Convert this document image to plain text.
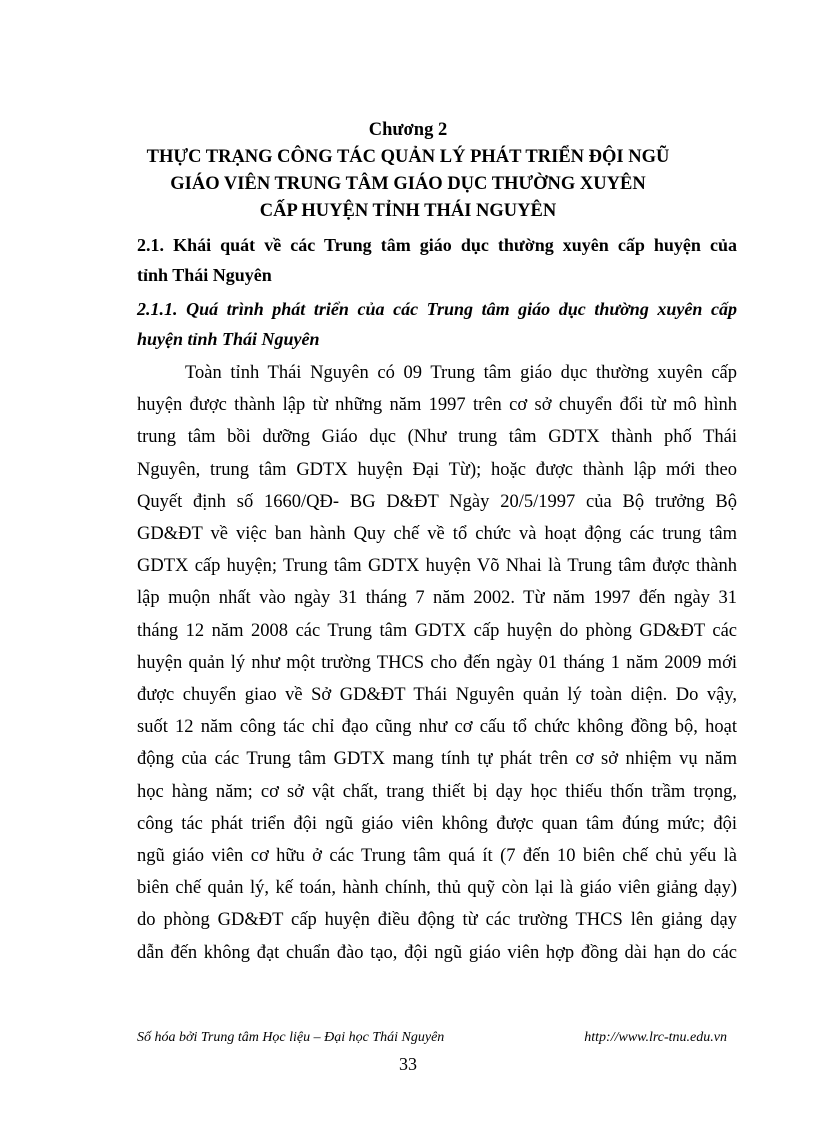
Chương 2
THỰC TRẠNG CÔNG TÁC QUẢN LÝ PHÁT TRIỂN ĐỘI NGŨ
GIÁO VIÊN TRUNG TÂM GIÁO DỤC THƯỜNG XUYÊN
CẤP HUYỆN TỈNH THÁI NGUYÊN
2.1. Khái quát về các Trung tâm giáo dục thường xuyên cấp huyện của
tỉnh Thái Nguyên
2.1.1. Quá trình phát triển của các Trung tâm giáo dục thường xuyên cấp
huyện tỉnh Thái Nguyên
Toàn tỉnh Thái Nguyên có 09 Trung tâm giáo dục thường xuyên cấp
huyện được thành lập từ những năm 1997 trên cơ sở chuyển đổi từ mô hình
trung tâm bồi dưỡng Giáo dục (Như trung tâm GDTX thành phố Thái
Nguyên, trung tâm GDTX huyện Đại Từ); hoặc được thành lập mới theo
Quyết định số 1660/QĐ- BG D&ĐT Ngày 20/5/1997 của Bộ trưởng Bộ
GD&ĐT về việc ban hành Quy chế về tổ chức và hoạt động các trung tâm
GDTX cấp huyện; Trung tâm GDTX huyện Võ Nhai là Trung tâm được thành
lập muộn nhất vào ngày 31 tháng 7 năm 2002. Từ năm 1997 đến ngày 31
tháng 12 năm 2008 các Trung tâm GDTX cấp huyện do phòng GD&ĐT các
huyện quản lý như một trường THCS cho đến ngày 01 tháng 1 năm 2009 mới
được chuyển giao về Sở GD&ĐT Thái Nguyên quản lý toàn diện. Do vậy,
suốt 12 năm công tác chỉ đạo cũng như cơ cấu tổ chức không đồng bộ, hoạt
động của các Trung tâm GDTX mang tính tự phát trên cơ sở nhiệm vụ năm
học hàng năm; cơ sở vật chất, trang thiết bị dạy học thiếu thốn trầm trọng,
công tác phát triển đội ngũ giáo viên không được quan tâm đúng mức; đội
ngũ giáo viên cơ hữu ở các Trung tâm quá ít (7 đến 10 biên chế chủ yếu là
biên chế quản lý, kế toán, hành chính, thủ quỹ còn lại là giáo viên giảng dạy)
do phòng GD&ĐT cấp huyện điều động từ các trường THCS lên giảng dạy
dẫn đến không đạt chuẩn đào tạo, đội ngũ giáo viên hợp đồng dài hạn do các
Số hóa bởi Trung tâm Học liệu – Đại học Thái Nguyên	http://www.lrc-tnu.edu.vn
33
